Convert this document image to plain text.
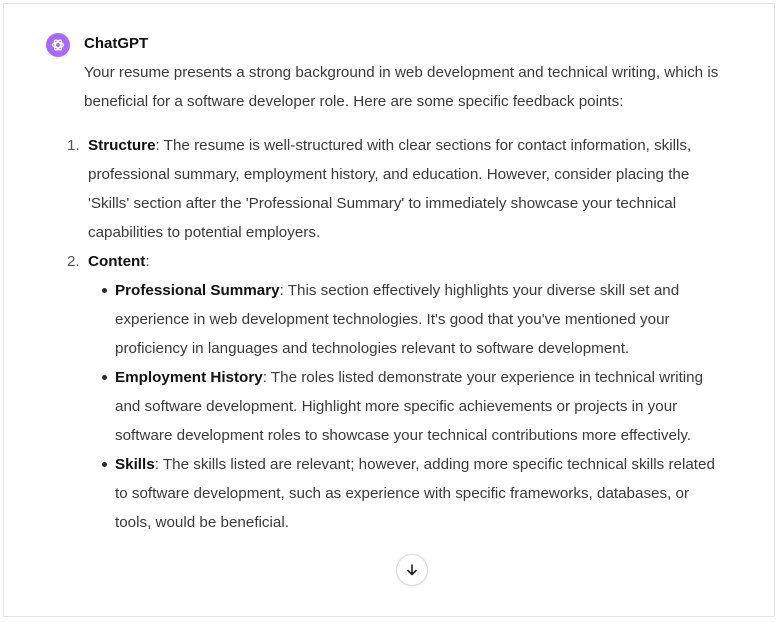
ChatGPT

Your resume presents a strong background in web development and technical writing, which is beneficial for a software developer role. Here are some specific feedback points:

1. Structure: The resume is well-structured with clear sections for contact information, skills, professional summary, employment history, and education. However, consider placing the 'Skills' section after the 'Professional Summary' to immediately showcase your technical capabilities to potential employers.
2. Content:
Professional Summary: This section effectively highlights your diverse skill set and experience in web development technologies. It's good that you've mentioned your proficiency in languages and technologies relevant to software development.
Employment History: The roles listed demonstrate your experience in technical writing and software development. Highlight more specific achievements or projects in your software development roles to showcase your technical contributions more effectively.
Skills: The skills listed are relevant; however, adding more specific technical skills related to software development, such as experience with specific frameworks, databases, or tools, would be beneficial.
